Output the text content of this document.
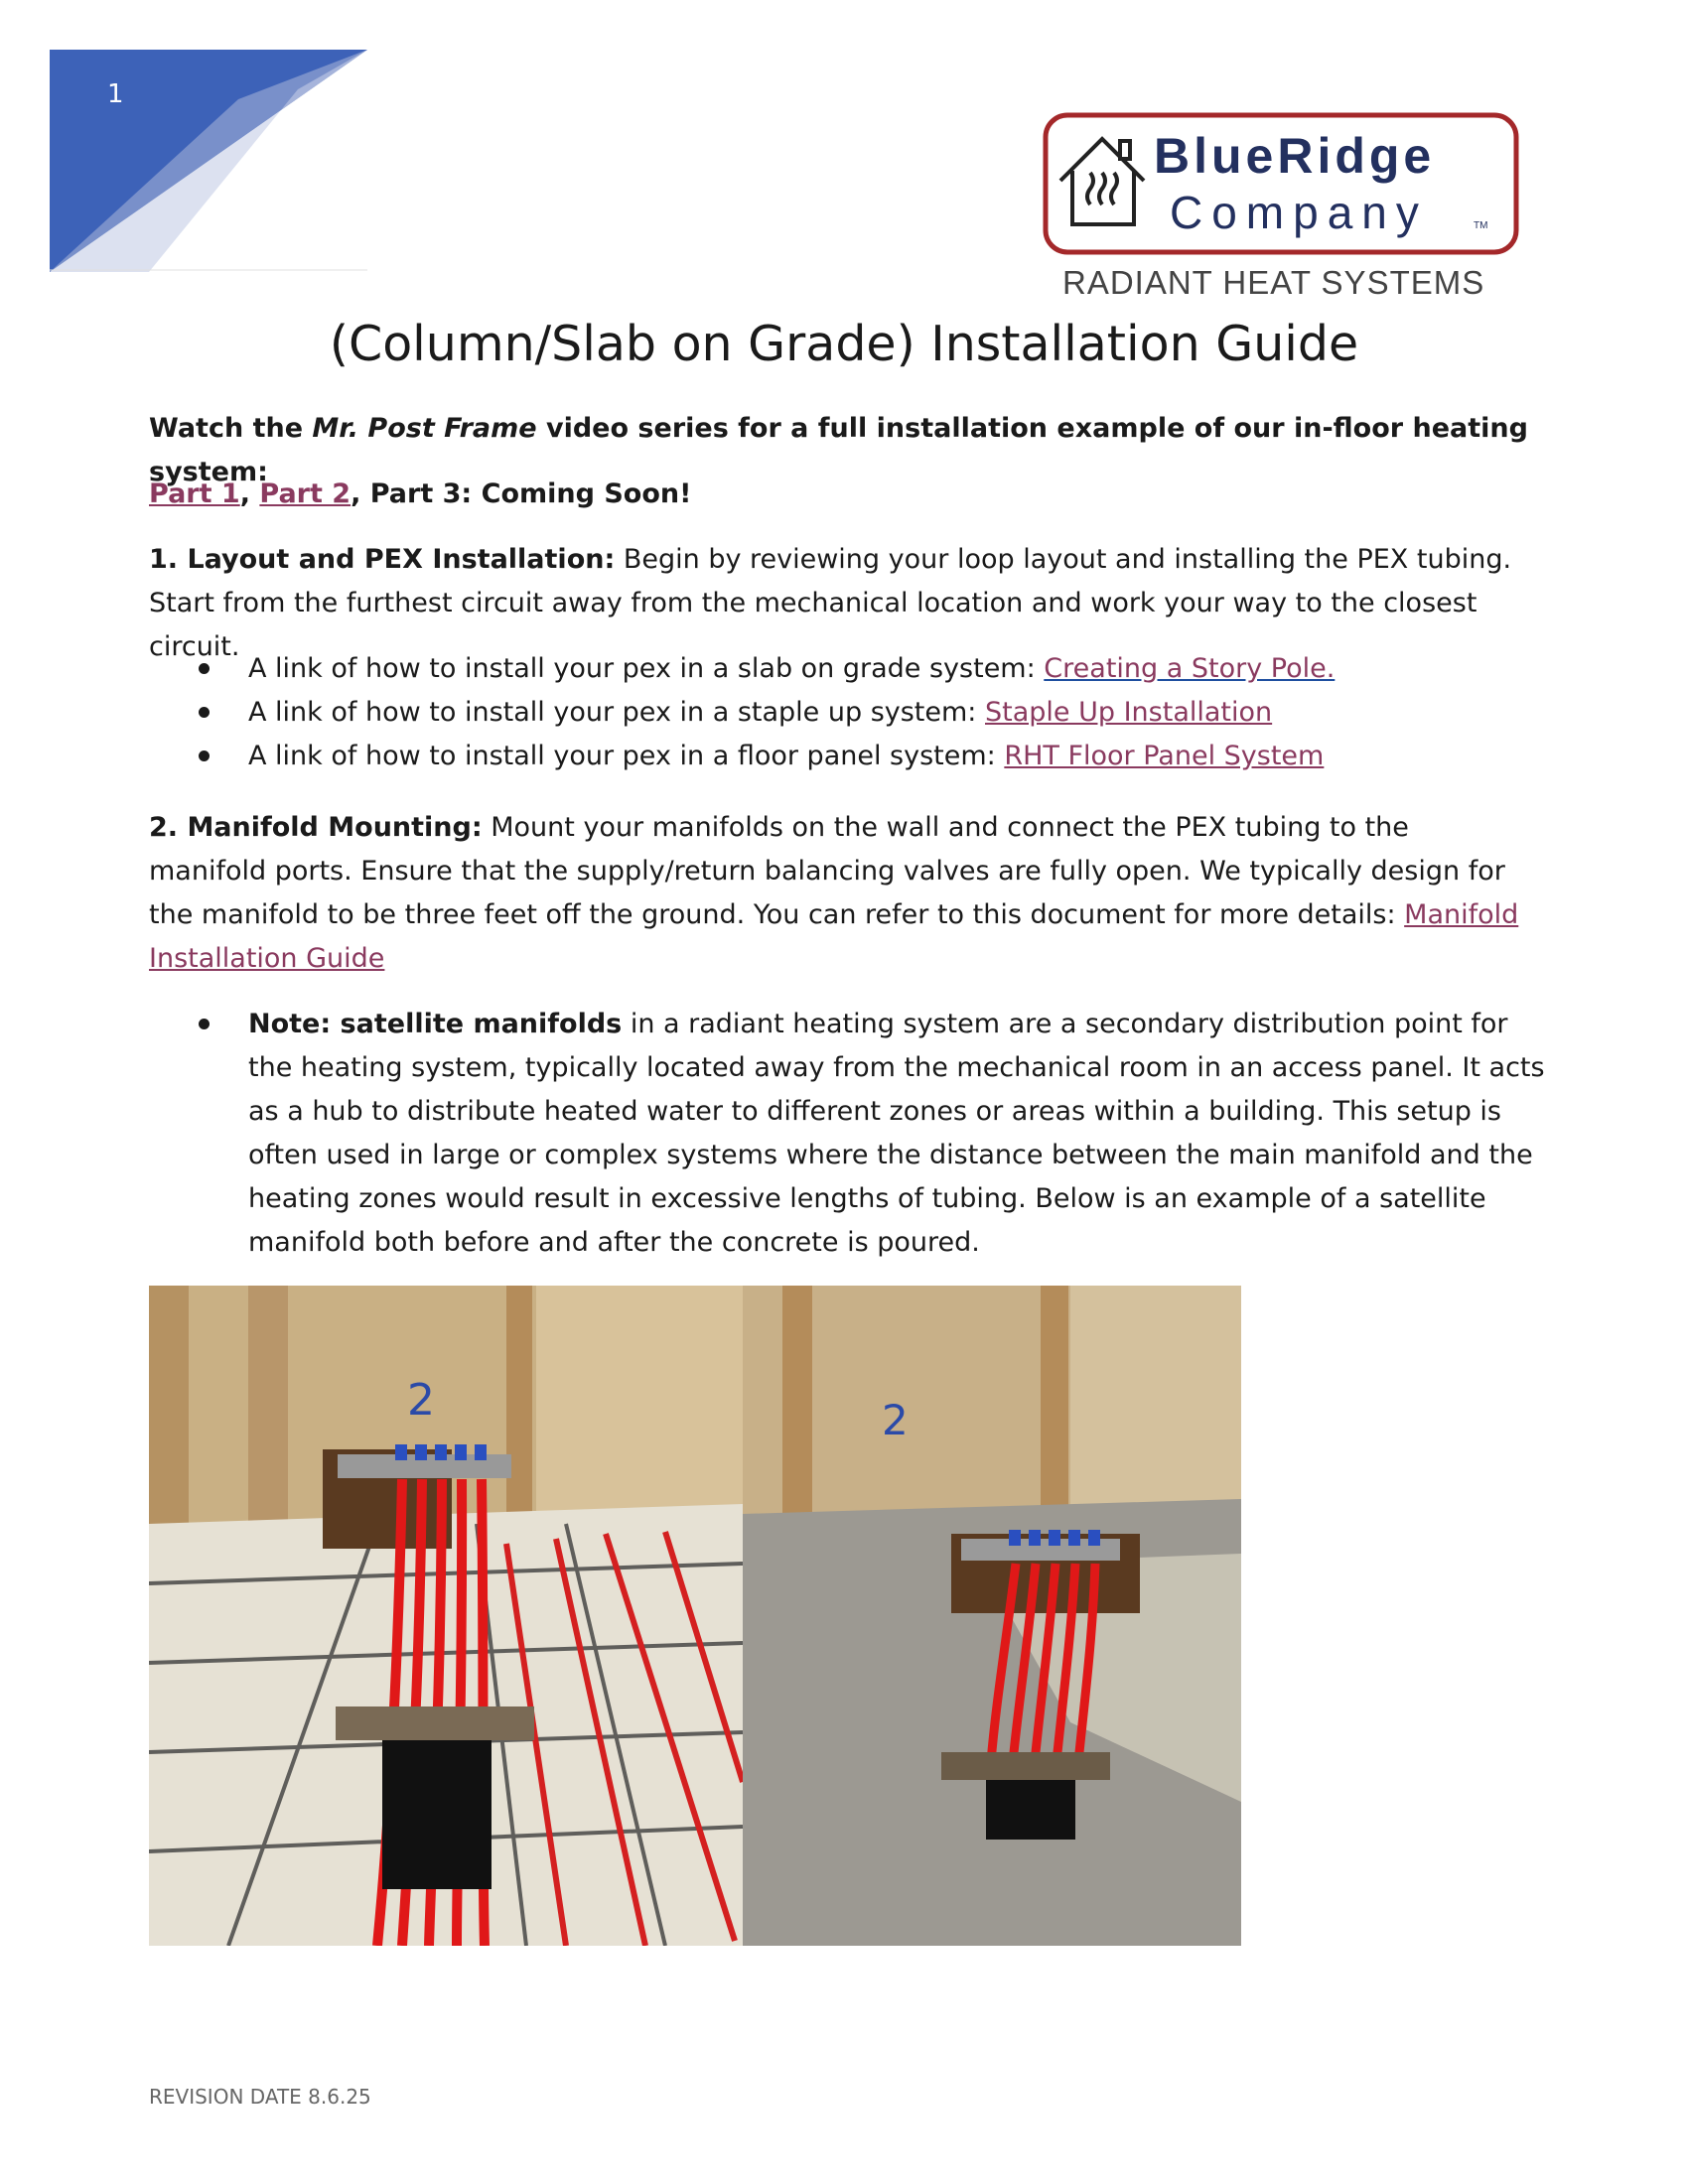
1
BlueRidge
Company	TM
RADIANT HEAT SYSTEMS
(Column/Slab on Grade) Installation Guide

Watch the Mr. Post Frame video series for a full installation example of our in-floor heating system:

Part 1, Part 2, Part 3: Coming Soon!

1. Layout and PEX Installation: Begin by reviewing your loop layout and installing the PEX tubing. Start from the furthest circuit away from the mechanical location and work your way to the closest circuit.

A link of how to install your pex in a slab on grade system: Creating a Story Pole.
A link of how to install your pex in a staple up system: Staple Up Installation
A link of how to install your pex in a floor panel system: RHT Floor Panel System

2. Manifold Mounting: Mount your manifolds on the wall and connect the PEX tubing to the manifold ports. Ensure that the supply/return balancing valves are fully open. We typically design for the manifold to be three feet off the ground. You can refer to this document for more details: Manifold Installation Guide

Note: satellite manifolds in a radiant heating system are a secondary distribution point for the heating system, typically located away from the mechanical room in an access panel. It acts as a hub to distribute heated water to different zones or areas within a building. This setup is often used in large or complex systems where the distance between the main manifold and the heating zones would result in excessive lengths of tubing. Below is an example of a satellite manifold both before and after the concrete is poured.
2	2
REVISION DATE 8.6.25
